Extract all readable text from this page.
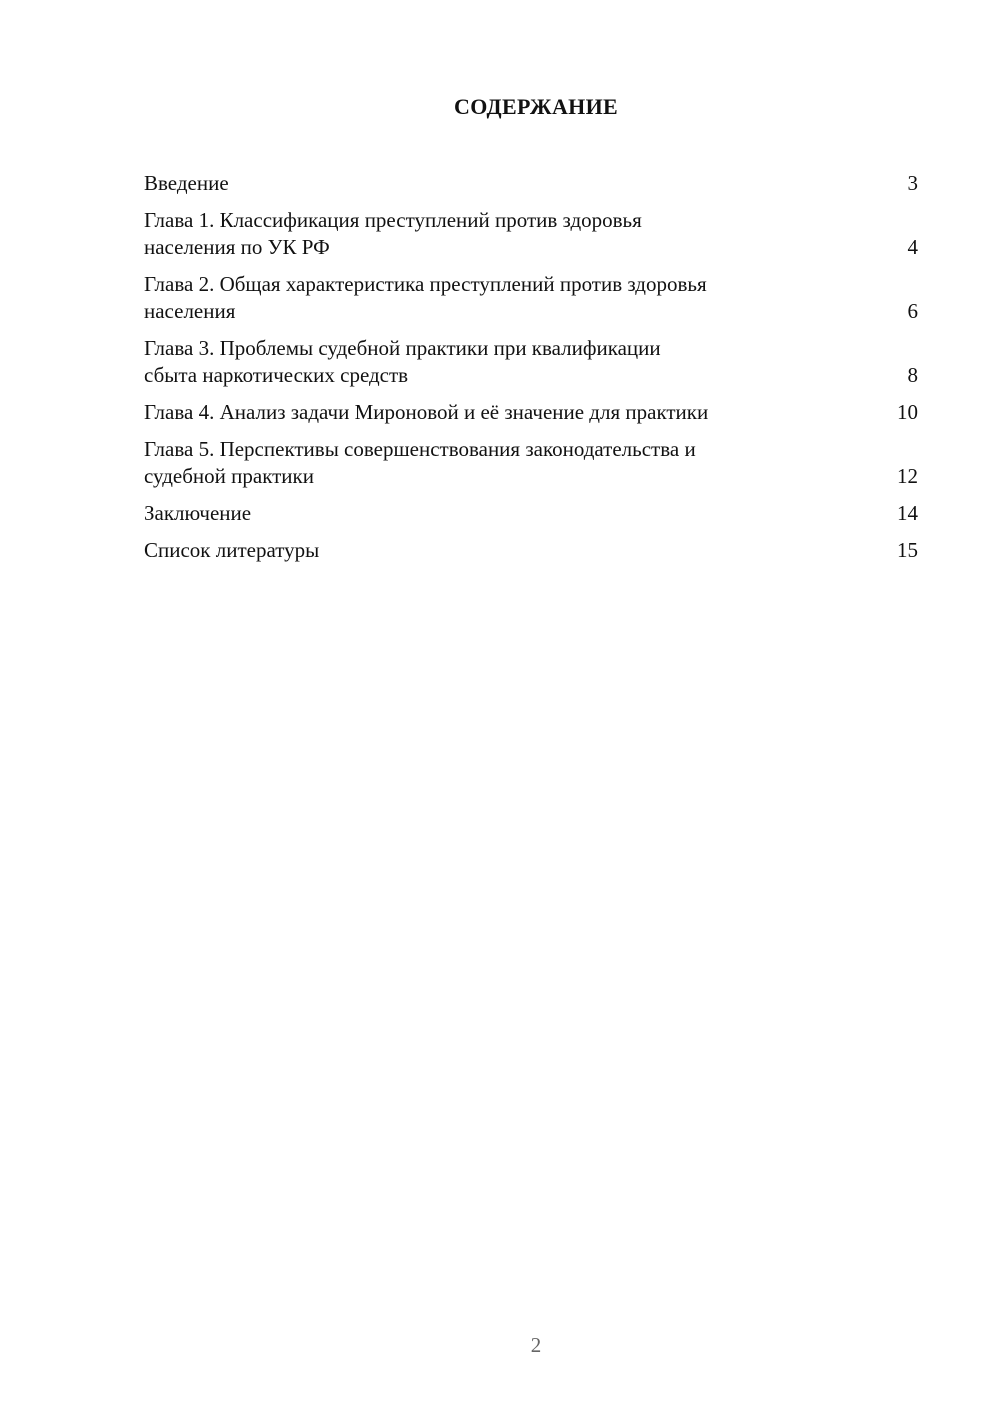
СОДЕРЖАНИЕ
Введение	3
Глава 1. Классификация преступлений против здоровья
населения по УК РФ	4
Глава 2. Общая характеристика преступлений против здоровья
населения	6
Глава 3. Проблемы судебной практики при квалификации
сбыта наркотических средств	8
Глава 4. Анализ задачи Мироновой и её значение для практики	10
Глава 5. Перспективы совершенствования законодательства и
судебной практики	12
Заключение	14
Список литературы	15
2
